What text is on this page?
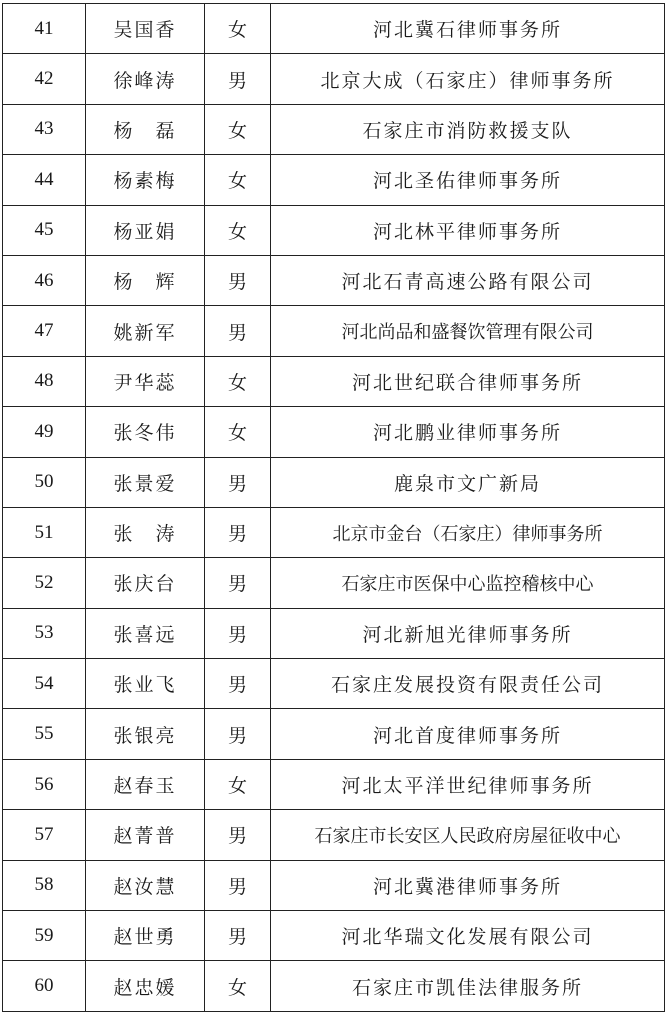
41	吴国香	女	河北冀石律师事务所
42	徐峰涛	男	北京大成（石家庄）律师事务所
43	杨　磊	女	石家庄市消防救援支队
44	杨素梅	女	河北圣佑律师事务所
45	杨亚娟	女	河北林平律师事务所
46	杨　辉	男	河北石青高速公路有限公司
47	姚新军	男	河北尚品和盛餐饮管理有限公司
48	尹华蕊	女	河北世纪联合律师事务所
49	张冬伟	女	河北鹏业律师事务所
50	张景爱	男	鹿泉市文广新局
51	张　涛	男	北京市金台（石家庄）律师事务所
52	张庆台	男	石家庄市医保中心监控稽核中心
53	张喜远	男	河北新旭光律师事务所
54	张业飞	男	石家庄发展投资有限责任公司
55	张银亮	男	河北首度律师事务所
56	赵春玉	女	河北太平洋世纪律师事务所
57	赵菁普	男	石家庄市长安区人民政府房屋征收中心
58	赵汝慧	男	河北冀港律师事务所
59	赵世勇	男	河北华瑞文化发展有限公司
60	赵忠媛	女	石家庄市凯佳法律服务所
